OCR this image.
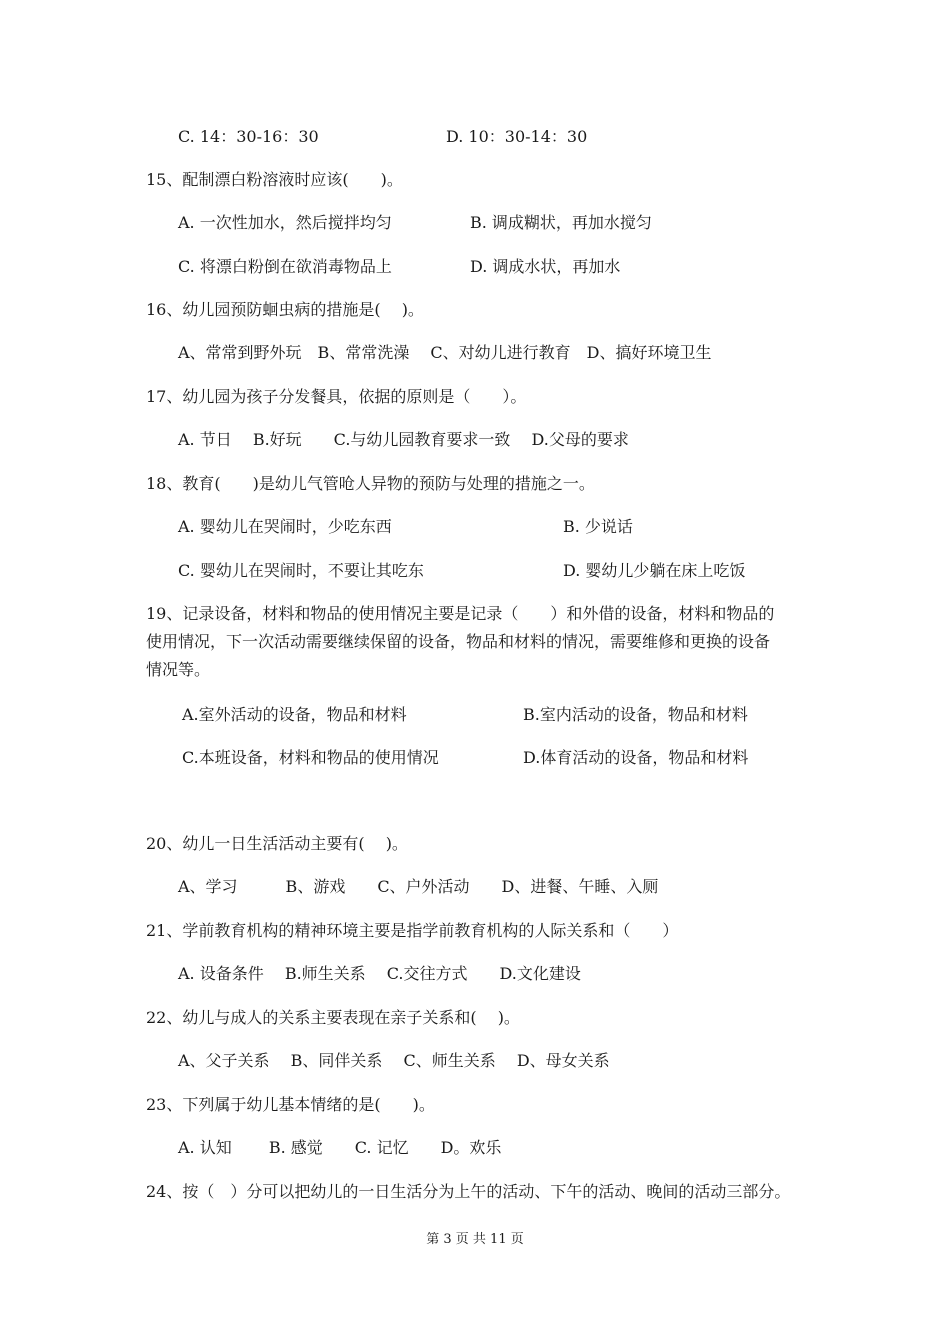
C. 14：30-16：30	D. 10：30-14：30
15、配制漂白粉溶液时应该(　　)。
A. 一次性加水，然后搅拌均匀	B. 调成糊状，再加水搅匀
C. 将漂白粉倒在欲消毒物品上	D. 调成水状，再加水
16、幼儿园预防蛔虫病的措施是(　 )。
A、常常到野外玩　B、常常洗澡　 C、对幼儿进行教育　D、搞好环境卫生
17、幼儿园为孩子分发餐具，依据的原则是（　　）。
A. 节日　 B.好玩　　C.与幼儿园教育要求一致　 D.父母的要求
18、教育(　　)是幼儿气管呛人异物的预防与处理的措施之一。
A. 婴幼儿在哭闹时，少吃东西	B. 少说话
C. 婴幼儿在哭闹时，不要让其吃东	D. 婴幼儿少躺在床上吃饭
19、记录设备，材料和物品的使用情况主要是记录（　　）和外借的设备，材料和物品的
使用情况，下一次活动需要继续保留的设备，物品和材料的情况，需要维修和更换的设备
情况等。
A.室外活动的设备，物品和材料	B.室内活动的设备，物品和材料
C.本班设备，材料和物品的使用情况	D.体育活动的设备，物品和材料
20、幼儿一日生活活动主要有(　 )。
A、学习　　　B、游戏　　C、户外活动　　D、进餐、午睡、入厕
21、学前教育机构的精神环境主要是指学前教育机构的人际关系和（　　）
A. 设备条件　 B.师生关系　 C.交往方式　　D.文化建设
22、幼儿与成人的关系主要表现在亲子关系和(　 )。
A、父子关系　 B、同伴关系　 C、师生关系　 D、母女关系
23、下列属于幼儿基本情绪的是(　　)。
A. 认知　　 B. 感觉　　C. 记忆　　D。欢乐
24、按（　）分可以把幼儿的一日生活分为上午的活动、下午的活动、晚间的活动三部分。
第 3 页 共 11 页
